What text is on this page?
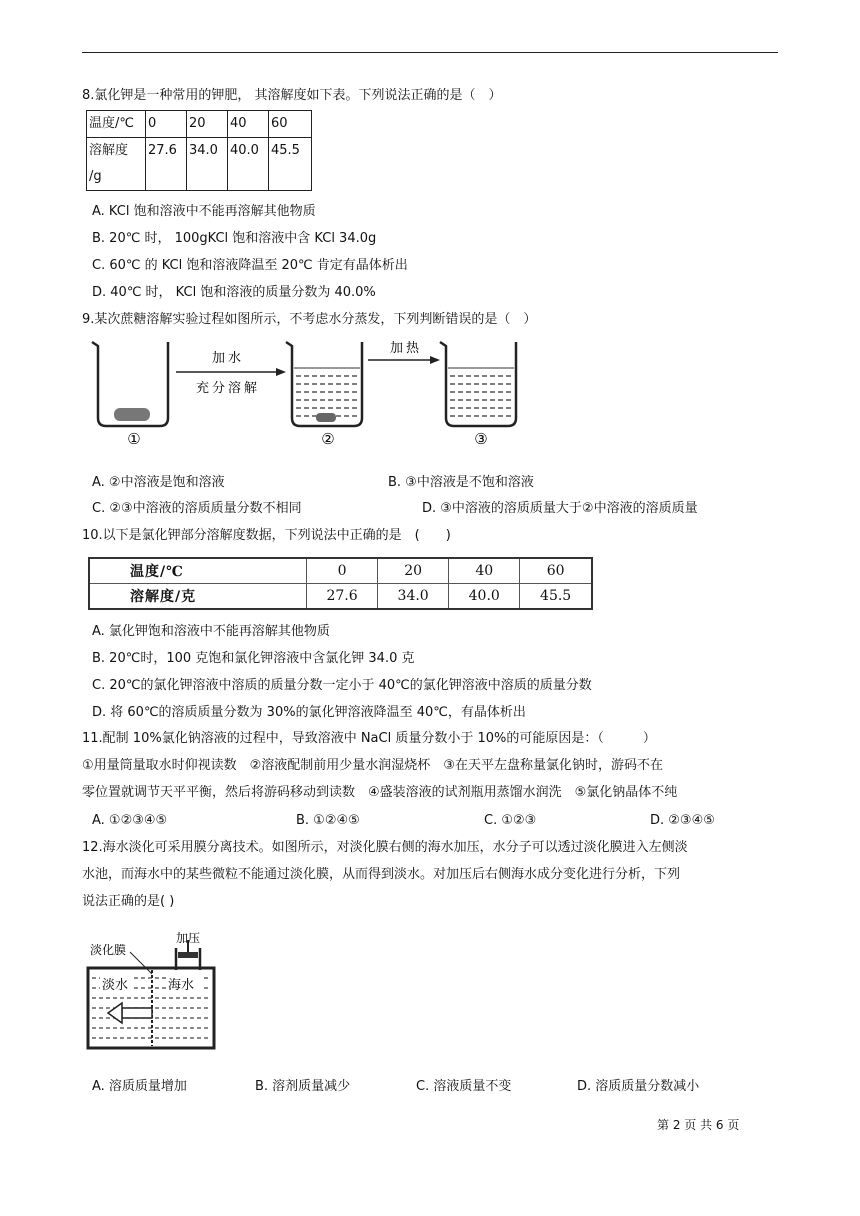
8.氯化钾是一种常用的钾肥， 其溶解度如下表。下列说法正确的是（　）
温度/℃	0	20	40	60

溶解度
/g	27.6	34.0	40.0	45.5
A. KCl 饱和溶液中不能再溶解其他物质
B. 20℃ 时， 100gKCl 饱和溶液中含 KCl 34.0g
C. 60℃ 的 KCl 饱和溶液降温至 20℃ 肯定有晶体析出
D. 40℃ 时， KCl 饱和溶液的质量分数为 40.0%
9.某次蔗糖溶解实验过程如图所示，不考虑水分蒸发，下列判断错误的是（　）
①
加水
充分溶解
②
加热
③
A. ②中溶液是饱和溶液	B. ③中溶液是不饱和溶液
C. ②③中溶液的溶质质量分数不相同	D. ③中溶液的溶质质量大于②中溶液的溶质质量
10.以下是氯化钾部分溶解度数据，下列说法中正确的是　(　　)
温度/℃	0	20	40	60
溶解度/克	27.6	34.0	40.0	45.5
A. 氯化钾饱和溶液中不能再溶解其他物质
B. 20℃时，100 克饱和氯化钾溶液中含氯化钾 34.0 克
C. 20℃的氯化钾溶液中溶质的质量分数一定小于 40℃的氯化钾溶液中溶质的质量分数
D. 将 60℃的溶质质量分数为 30%的氯化钾溶液降温至 40℃，有晶体析出
11.配制 10%氯化钠溶液的过程中，导致溶液中 NaCl 质量分数小于 10%的可能原因是：（　　　）
①用量筒量取水时仰视读数　②溶液配制前用少量水润湿烧杯　③在天平左盘称量氯化钠时，游码不在
零位置就调节天平平衡，然后将游码移动到读数　④盛装溶液的试剂瓶用蒸馏水润洗　⑤氯化钠晶体不纯
A. ①②③④⑤	B. ①②④⑤	C. ①②③	D. ②③④⑤
12.海水淡化可采用膜分离技术。如图所示，对淡化膜右侧的海水加压，水分子可以透过淡化膜进入左侧淡
水池，而海水中的某些微粒不能通过淡化膜，从而得到淡水。对加压后右侧海水成分变化进行分析，下列
说法正确的是( )
加压
淡化膜
淡水	海水
A. 溶质质量增加	B. 溶剂质量减少	C. 溶液质量不变	D. 溶质质量分数减小
第 2 页 共 6 页
